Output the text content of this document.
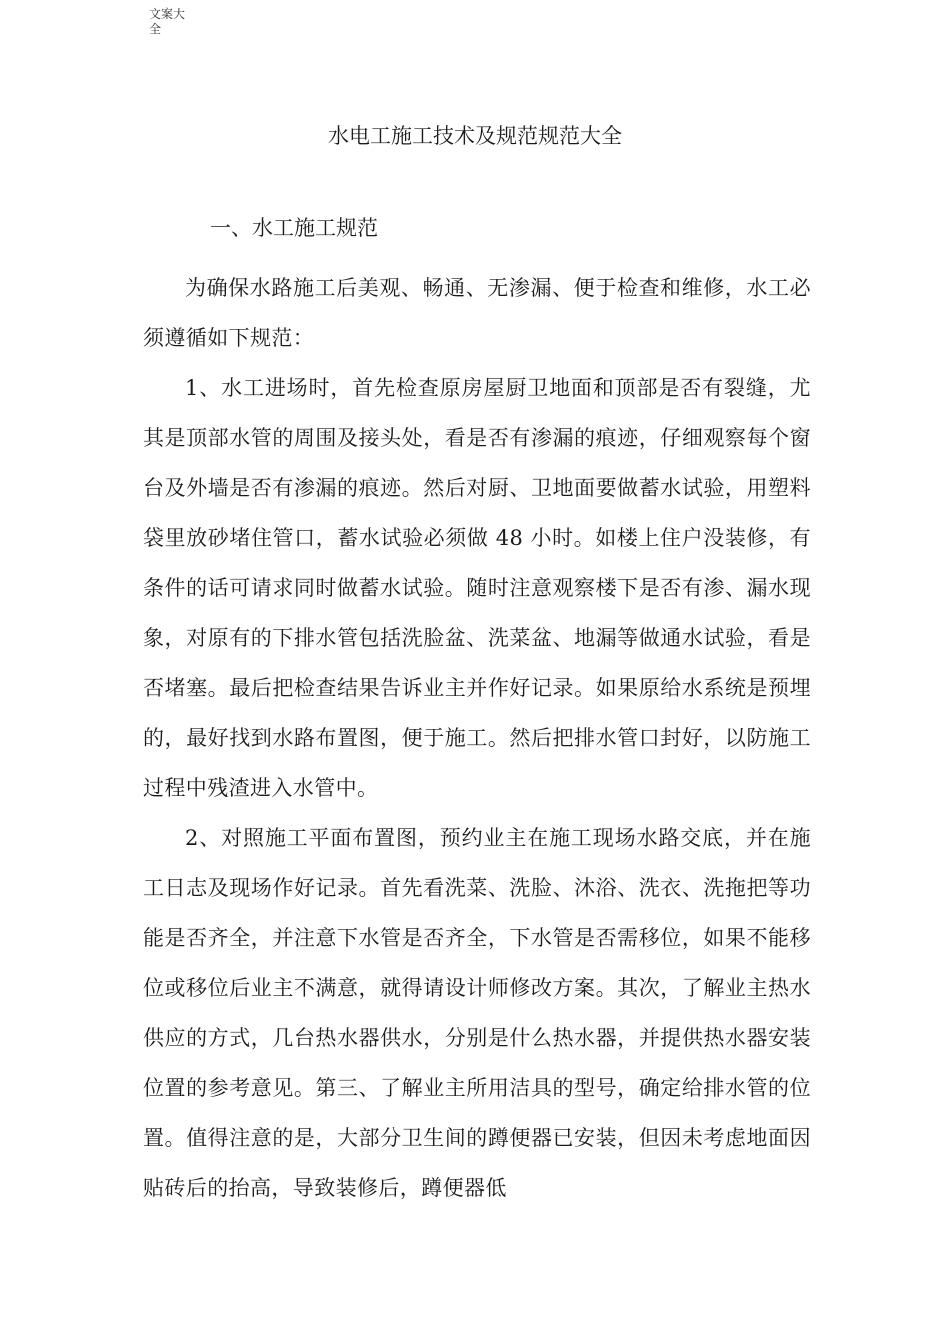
文案大全
水电工施工技术及规范规范大全
一、水工施工规范

为确保水路施工后美观、畅通、无渗漏、便于检查和维修，水工必须遵循如下规范：

1、水工进场时，首先检查原房屋厨卫地面和顶部是否有裂缝，尤其是顶部水管的周围及接头处，看是否有渗漏的痕迹，仔细观察每个窗台及外墙是否有渗漏的痕迹。然后对厨、卫地面要做蓄水试验，用塑料袋里放砂堵住管口，蓄水试验必须做 48 小时。如楼上住户没装修，有条件的话可请求同时做蓄水试验。随时注意观察楼下是否有渗、漏水现象，对原有的下排水管包括洗脸盆、洗菜盆、地漏等做通水试验，看是否堵塞。最后把检查结果告诉业主并作好记录。如果原给水系统是预埋的，最好找到水路布置图，便于施工。然后把排水管口封好，以防施工过程中残渣进入水管中。

2、对照施工平面布置图，预约业主在施工现场水路交底，并在施工日志及现场作好记录。首先看洗菜、洗脸、沐浴、洗衣、洗拖把等功能是否齐全，并注意下水管是否齐全，下水管是否需移位，如果不能移位或移位后业主不满意，就得请设计师修改方案。其次，了解业主热水供应的方式，几台热水器供水，分别是什么热水器，并提供热水器安装位置的参考意见。第三、了解业主所用洁具的型号，确定给排水管的位置。值得注意的是，大部分卫生间的蹲便器已安装，但因未考虑地面因贴砖后的抬高，导致装修后，蹲便器低
